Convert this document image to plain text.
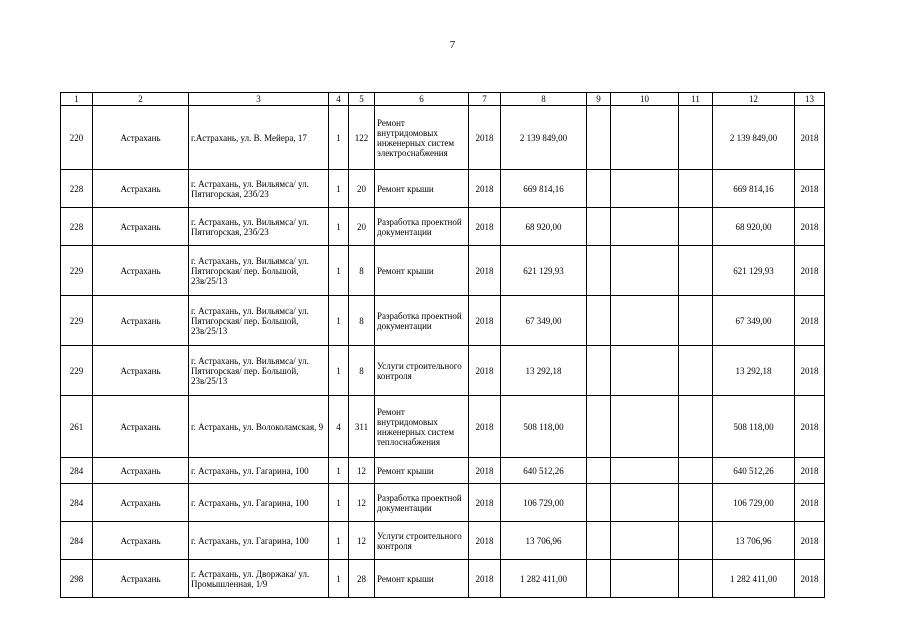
7
1	2	3	4	5	6	7	8	9	10	11	12	13
220	Астрахань	г.Астрахань, ул. В. Мейера, 17	1	122	Ремонт внутридомовых инженерных систем электроснабжения	2018	2 139 849,00				2 139 849,00	2018
228	Астрахань	г. Астрахань, ул. Вильямса/ ул. Пятигорская, 23б/23	1	20	Ремонт крыши	2018	669 814,16				669 814,16	2018
228	Астрахань	г. Астрахань, ул. Вильямса/ ул. Пятигорская, 23б/23	1	20	Разработка проектной документации	2018	68 920,00				68 920,00	2018
229	Астрахань	г. Астрахань, ул. Вильямса/ ул. Пятигорская/ пер. Большой, 23в/25/13	1	8	Ремонт крыши	2018	621 129,93				621 129,93	2018
229	Астрахань	г. Астрахань, ул. Вильямса/ ул. Пятигорская/ пер. Большой, 23в/25/13	1	8	Разработка проектной документации	2018	67 349,00				67 349,00	2018
229	Астрахань	г. Астрахань, ул. Вильямса/ ул. Пятигорская/ пер. Большой, 23в/25/13	1	8	Услуги строительного контроля	2018	13 292,18				13 292,18	2018
261	Астрахань	г. Астрахань, ул. Волоколамская, 9	4	311	Ремонт внутридомовых инженерных систем теплоснабжения	2018	508 118,00				508 118,00	2018
284	Астрахань	г. Астрахань, ул. Гагарина, 100	1	12	Ремонт крыши	2018	640 512,26				640 512,26	2018
284	Астрахань	г. Астрахань, ул. Гагарина, 100	1	12	Разработка проектной документации	2018	106 729,00				106 729,00	2018
284	Астрахань	г. Астрахань, ул. Гагарина, 100	1	12	Услуги строительного контроля	2018	13 706,96				13 706,96	2018
298	Астрахань	г. Астрахань, ул. Дворжака/ ул. Промышленная, 1/9	1	28	Ремонт крыши	2018	1 282 411,00				1 282 411,00	2018
